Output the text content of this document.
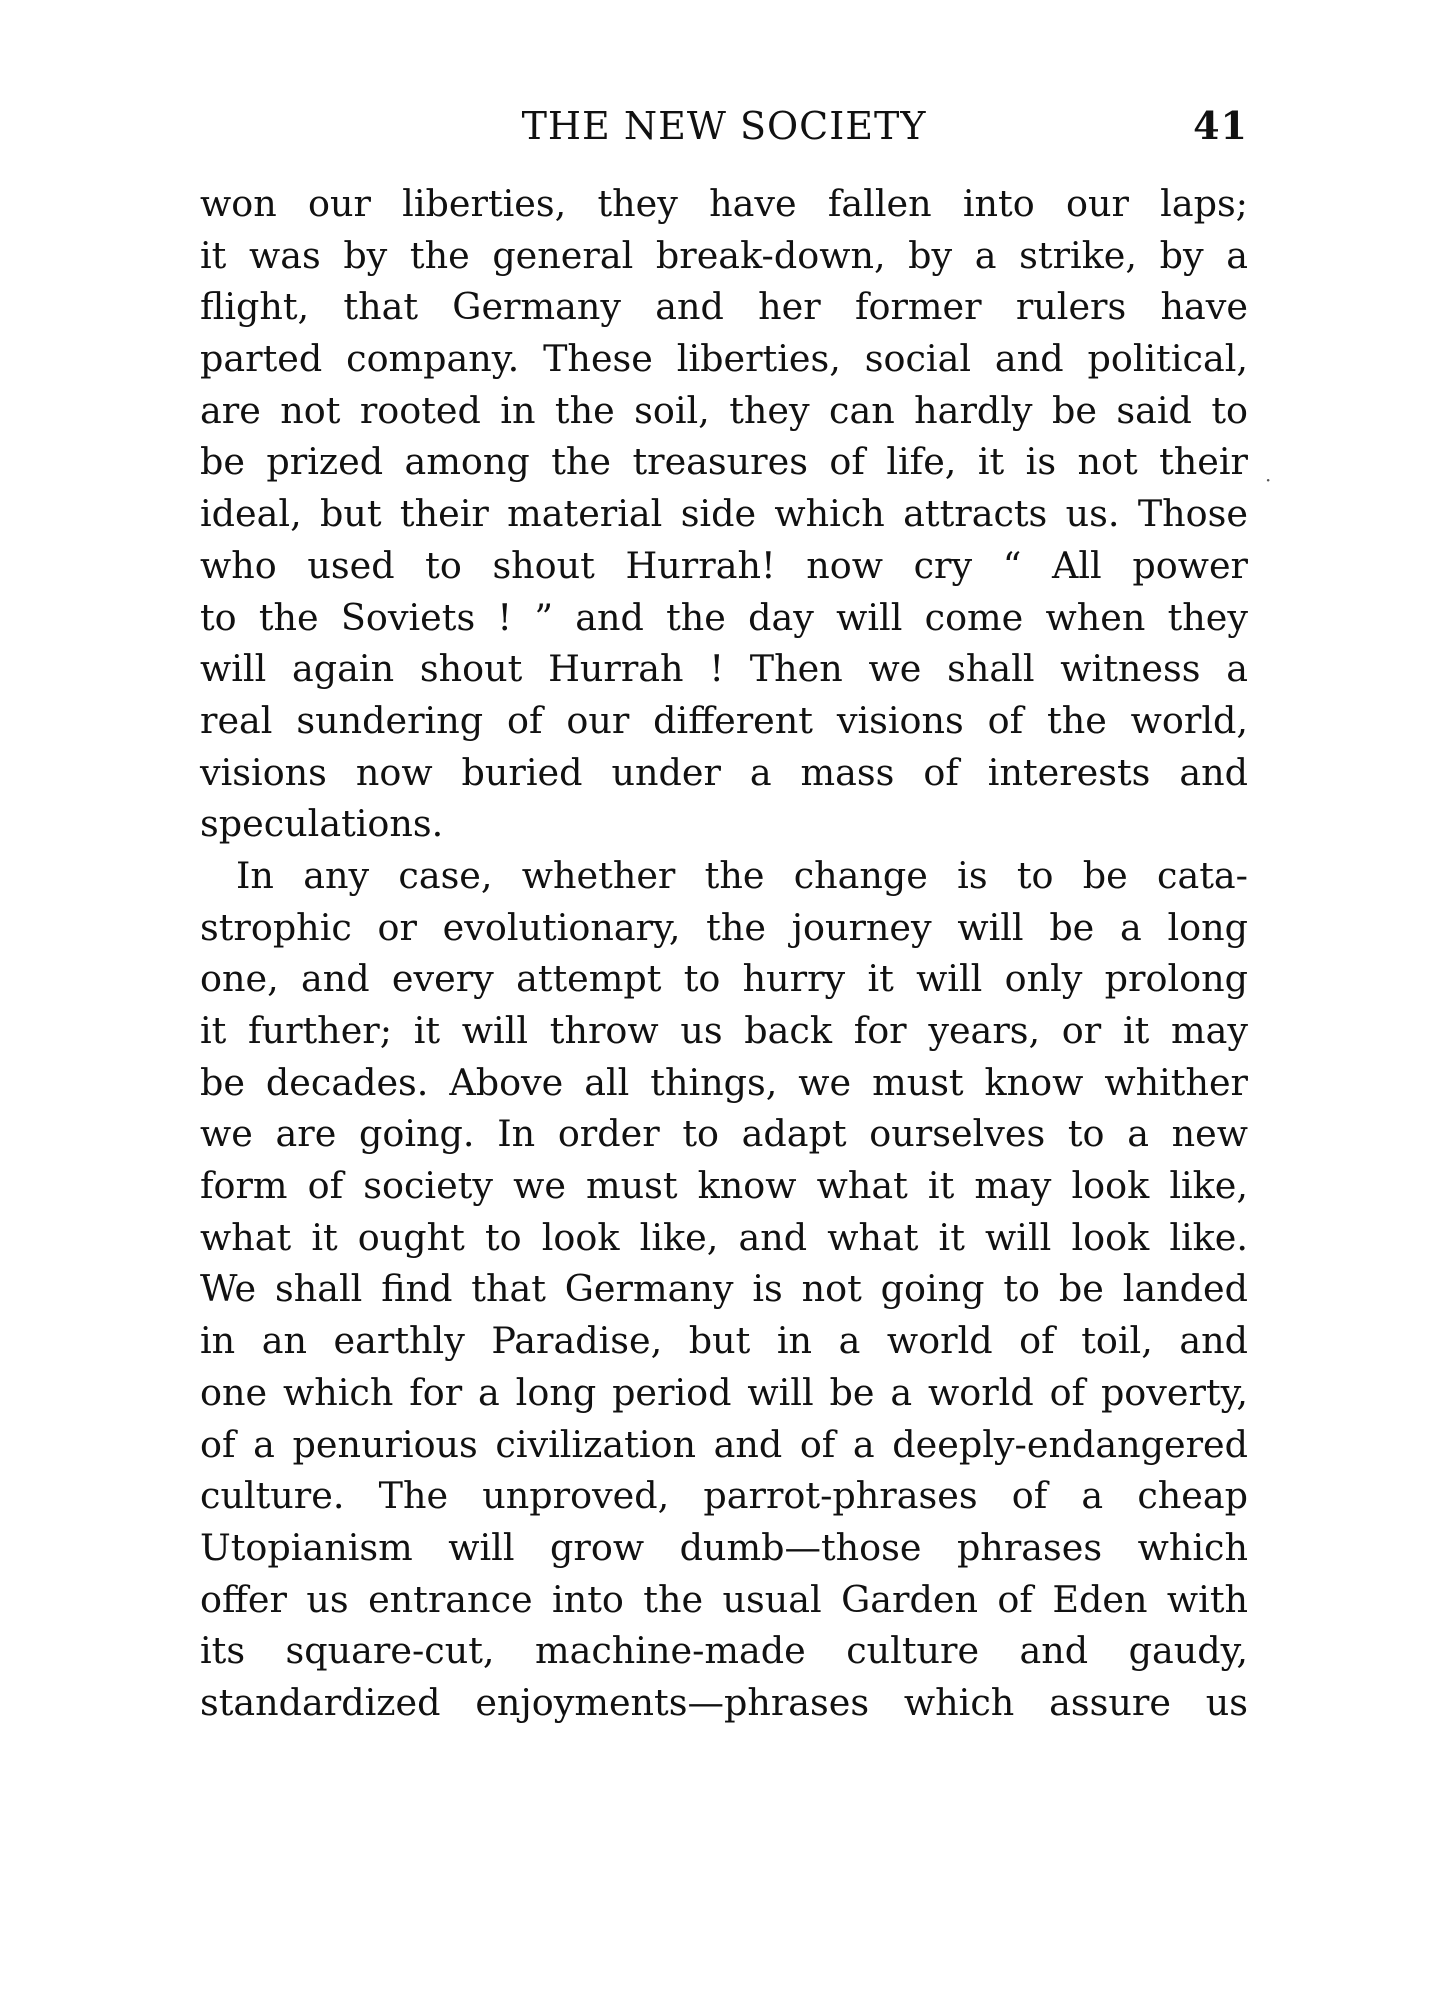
THE NEW SOCIETY	41
won our liberties, they have fallen into our laps;
it was by the general break-down, by a strike, by a
flight, that Germany and her former rulers have
parted company. These liberties, social and political,
are not rooted in the soil, they can hardly be said to
be prized among the treasures of life, it is not their
ideal, but their material side which attracts us. Those
who used to shout Hurrah! now cry “ All power
to the Soviets ! ” and the day will come when they
will again shout Hurrah ! Then we shall witness a
real sundering of our different visions of the world,
visions now buried under a mass of interests and
speculations.
In any case, whether the change is to be cata-
strophic or evolutionary, the journey will be a long
one, and every attempt to hurry it will only prolong
it further; it will throw us back for years, or it may
be decades. Above all things, we must know whither
we are going. In order to adapt ourselves to a new
form of society we must know what it may look like,
what it ought to look like, and what it will look like.
We shall find that Germany is not going to be landed
in an earthly Paradise, but in a world of toil, and
one which for a long period will be a world of poverty,
of a penurious civilization and of a deeply-endangered
culture. The unproved, parrot-phrases of a cheap
Utopianism will grow dumb—those phrases which
offer us entrance into the usual Garden of Eden with
its square-cut, machine-made culture and gaudy,
standardized enjoyments—phrases which assure us
·
